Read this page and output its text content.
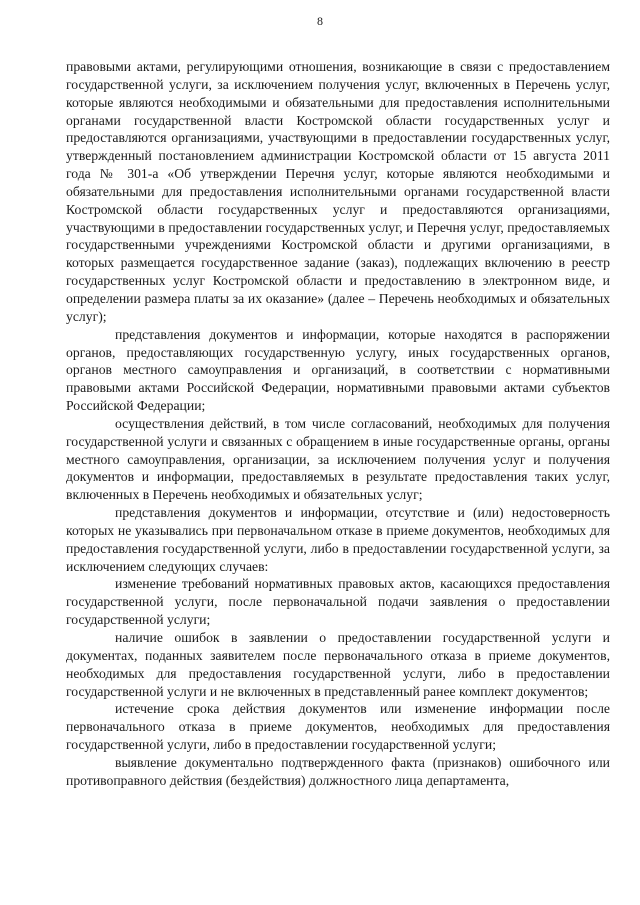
8

правовыми актами, регулирующими отношения, возникающие в связи с предоставлением государственной услуги, за исключением получения услуг, включенных в Перечень услуг, которые являются необходимыми и обязательными для предоставления исполнительными органами государственной власти Костромской области государственных услуг и предоставляются организациями, участвующими в предоставлении государственных услуг, утвержденный постановлением администрации Костромской области от 15 августа 2011 года № 301-а «Об утверждении Перечня услуг, которые являются необходимыми и обязательными для предоставления исполнительными органами государственной власти Костромской области государственных услуг и предоставляются организациями, участвующими в предоставлении государственных услуг, и Перечня услуг, предоставляемых государственными учреждениями Костромской области и другими организациями, в которых размещается государственное задание (заказ), подлежащих включению в реестр государственных услуг Костромской области и предоставлению в электронном виде, и определении размера платы за их оказание» (далее – Перечень необходимых и обязательных услуг);

представления документов и информации, которые находятся в распоряжении органов, предоставляющих государственную услугу, иных государственных органов, органов местного самоуправления и организаций, в соответствии с нормативными правовыми актами Российской Федерации, нормативными правовыми актами субъектов Российской Федерации;

осуществления действий, в том числе согласований, необходимых для получения государственной услуги и связанных с обращением в иные государственные органы, органы местного самоуправления, организации, за исключением получения услуг и получения документов и информации, предоставляемых в результате предоставления таких услуг, включенных в Перечень необходимых и обязательных услуг;

представления документов и информации, отсутствие и (или) недостоверность которых не указывались при первоначальном отказе в приеме документов, необходимых для предоставления государственной услуги, либо в предоставлении государственной услуги, за исключением следующих случаев:

изменение требований нормативных правовых актов, касающихся предоставления государственной услуги, после первоначальной подачи заявления о предоставлении государственной услуги;

наличие ошибок в заявлении о предоставлении государственной услуги и документах, поданных заявителем после первоначального отказа в приеме документов, необходимых для предоставления государственной услуги, либо в предоставлении государственной услуги и не включенных в представленный ранее комплект документов;

истечение срока действия документов или изменение информации после первоначального отказа в приеме документов, необходимых для предоставления государственной услуги, либо в предоставлении государственной услуги;

выявление документально подтвержденного факта (признаков) ошибочного или противоправного действия (бездействия) должностного лица департамента,
